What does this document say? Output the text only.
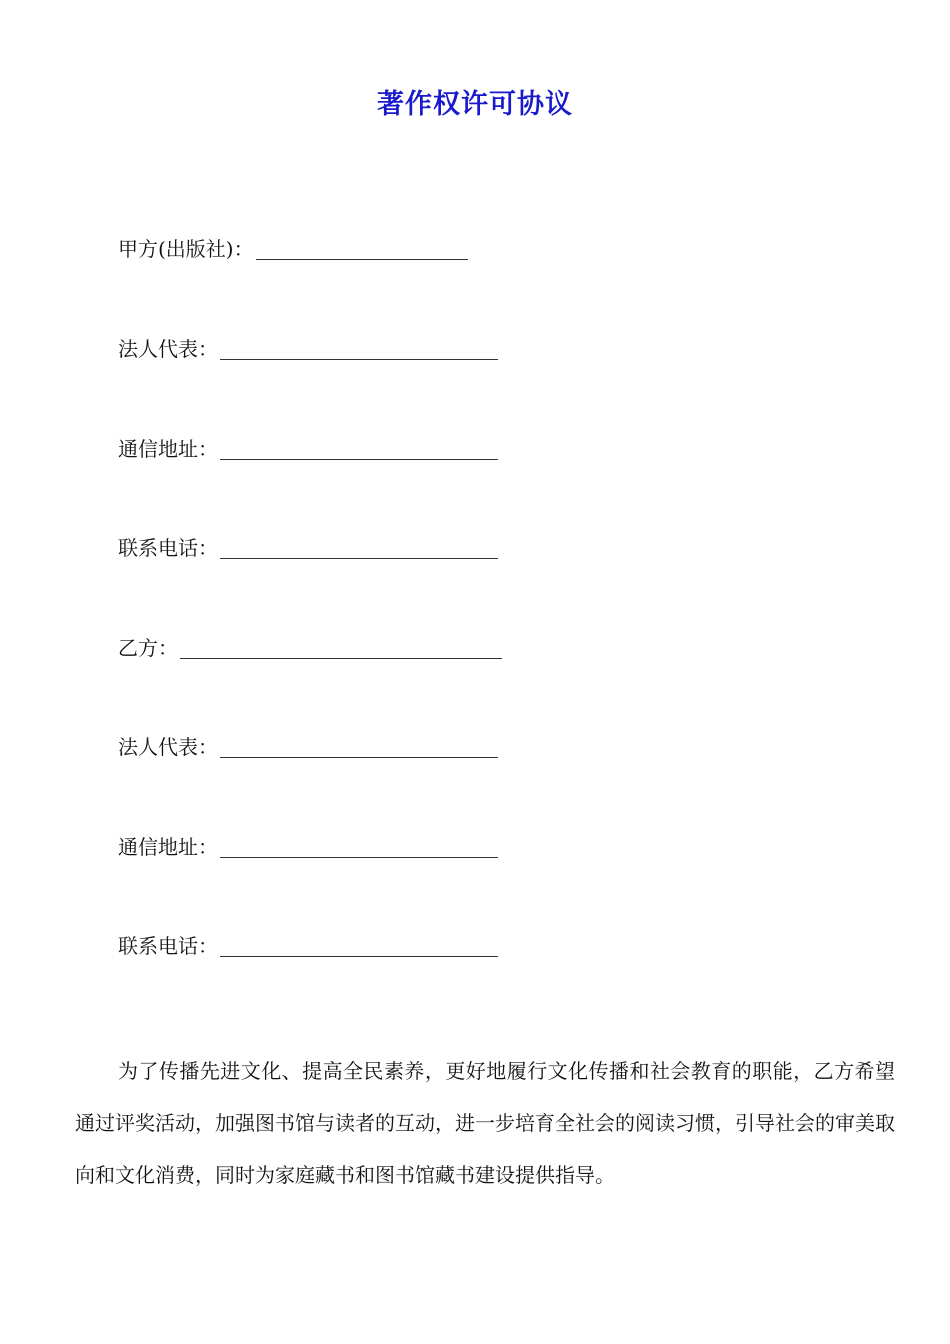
著作权许可协议
甲方(出版社)：
法人代表：
通信地址：
联系电话：
乙方：
法人代表：
通信地址：
联系电话：

为了传播先进文化、提高全民素养，更好地履行文化传播和社会教育的职能，乙方希望通过评奖活动，加强图书馆与读者的互动，进一步培育全社会的阅读习惯，引导社会的审美取向和文化消费，同时为家庭藏书和图书馆藏书建设提供指导。
